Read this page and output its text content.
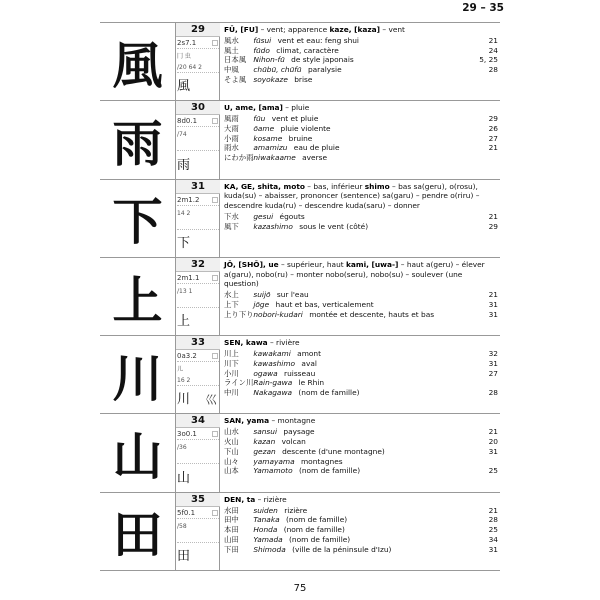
29 – 35
風
29
2s7.1
冂 虫
/20 64 2
風
FŪ, [FU] – vent; apparence kaze, [kaza] – vent
風水 fūsui vent et eau: feng shui	21
風土 fūdo climat, caractère	24
日本風 Nihon-fū de style japonais	5, 25
中風 chūbū, chūfū paralysie	28
そよ風 soyokaze brise
雨
30
8d0.1
/74
雨
U, ame, [ama] – pluie
風雨 fūu vent et pluie	29
大雨 ōame pluie violente	26
小雨 kosame bruine	27
雨水 amamizu eau de pluie	21
にわか雨 niwakaame averse
下
31
2m1.2
14 2
下
KA, GE, shita, moto – bas, inférieur shimo – bas sa(geru), o(rosu), kuda(su) – abaisser, prononcer (sentence) sa(garu) – pendre o(riru) – descendre kuda(ru) – descendre kuda(saru) – donner
下水 gesui égouts	21
風下 kazashimo sous le vent (côté)	29
上
32
2m1.1
/13 1
上
JŌ, [SHŌ], ue – supérieur, haut kami, [uwa-] – haut a(geru) – élever a(garu), nobo(ru) – monter nobo(seru), nobo(su) – soulever (une question)
水上 suijō sur l'eau	21
上下 jōge haut et bas, verticalement	31
上り下り nobori-kudari montée et descente, hauts et bas	31
川
33
0a3.2
儿
16 2
川 巛
SEN, kawa – rivière
川上 kawakami amont	32
川下 kawashimo aval	31
小川 ogawa ruisseau	27
ライン川 Rain-gawa le Rhin
中川 Nakagawa (nom de famille)	28
山
34
3o0.1
/36
山
SAN, yama – montagne
山水 sansui paysage	21
火山 kazan volcan	20
下山 gezan descente (d'une montagne)	31
山々 yamayama montagnes
山本 Yamamoto (nom de famille)	25
田
35
5f0.1
/58
田
DEN, ta – rizière
水田 suiden rizière	21
田中 Tanaka (nom de famille)	28
本田 Honda (nom de famille)	25
山田 Yamada (nom de famille)	34
下田 Shimoda (ville de la péninsule d'Izu)	31
75
